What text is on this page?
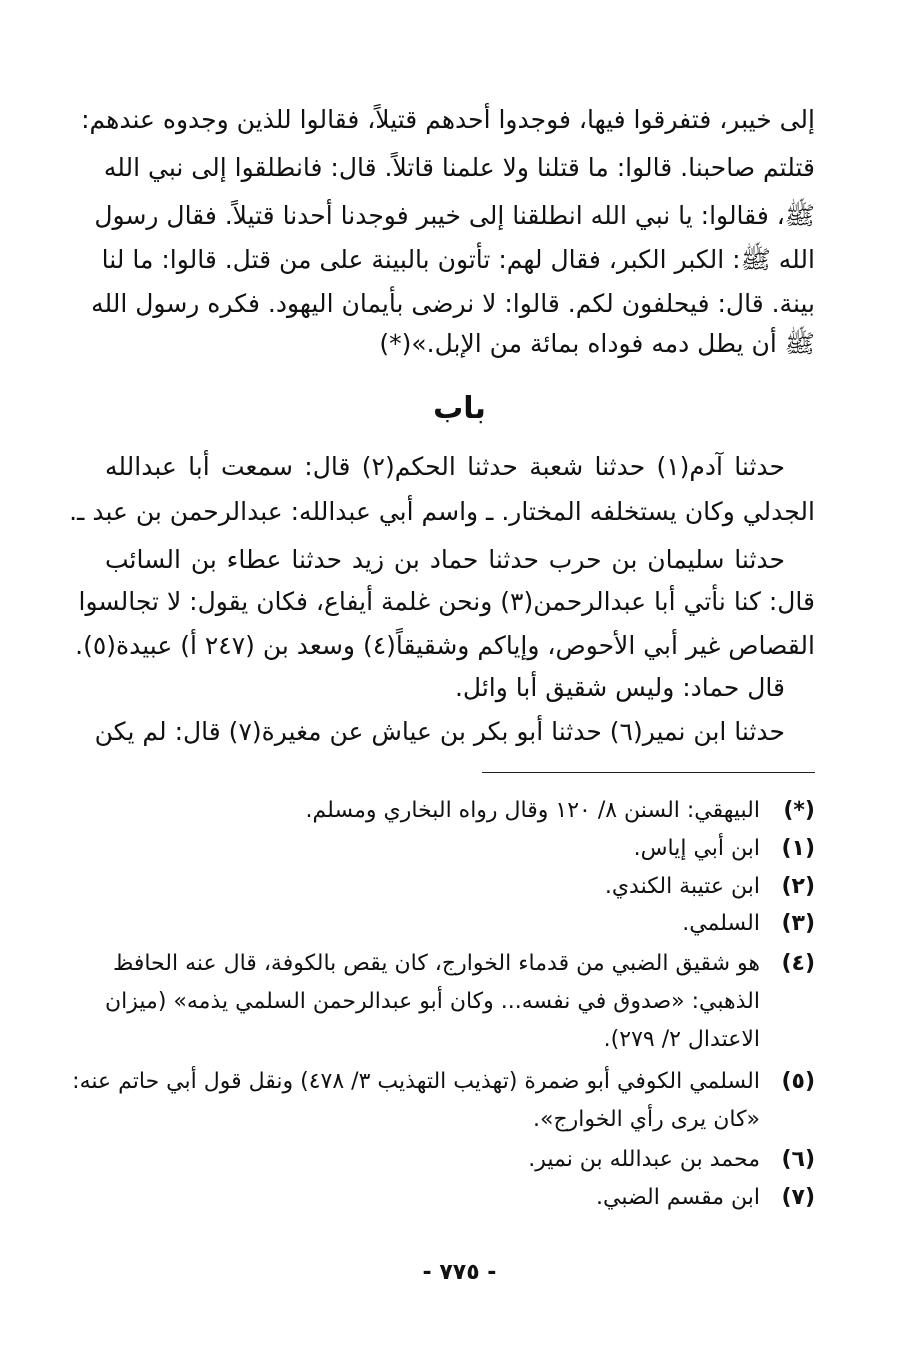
إلى خيبر، فتفرقوا فيها، فوجدوا أحدهم قتيلاً، فقالوا للذين وجدوه عندهم:
قتلتم صاحبنا. قالوا: ما قتلنا ولا علمنا قاتلاً. قال: فانطلقوا إلى نبي الله
ﷺ، فقالوا: يا نبي الله انطلقنا إلى خيبر فوجدنا أحدنا قتيلاً. فقال رسول
الله ﷺ: الكبر الكبر، فقال لهم: تأتون بالبينة على من قتل. قالوا: ما لنا
بينة. قال: فيحلفون لكم. قالوا: لا نرضى بأيمان اليهود. فكره رسول الله
ﷺ أن يطل دمه فوداه بمائة من الإبل.»(*)
باب
حدثنا آدم(١) حدثنا شعبة حدثنا الحكم(٢) قال: سمعت أبا عبدالله
الجدلي وكان يستخلفه المختار. ـ واسم أبي عبدالله: عبدالرحمن بن عبد ـ.
حدثنا سليمان بن حرب حدثنا حماد بن زيد حدثنا عطاء بن السائب
قال: كنا نأتي أبا عبدالرحمن(٣) ونحن غلمة أيفاع، فكان يقول: لا تجالسوا
القصاص غير أبي الأحوص، وإياكم وشقيقاً(٤) وسعد بن (٢٤٧ أ) عبيدة(٥).
قال حماد: وليس شقيق أبا وائل.
حدثنا ابن نمير(٦) حدثنا أبو بكر بن عياش عن مغيرة(٧) قال: لم يكن
(*) البيهقي: السنن ٨/ ١٢٠ وقال رواه البخاري ومسلم.
(١) ابن أبي إياس.
(٢) ابن عتيبة الكندي.
(٣) السلمي.
(٤) هو شقيق الضبي من قدماء الخوارج، كان يقص بالكوفة، قال عنه الحافظ
الذهبي: «صدوق في نفسه... وكان أبو عبدالرحمن السلمي يذمه» (ميزان
الاعتدال ٢/ ٢٧٩).
(٥) السلمي الكوفي أبو ضمرة (تهذيب التهذيب ٣/ ٤٧٨) ونقل قول أبي حاتم عنه:
«كان يرى رأي الخوارج».
(٦) محمد بن عبدالله بن نمير.
(٧) ابن مقسم الضبي.
- ٧٧٥ -
